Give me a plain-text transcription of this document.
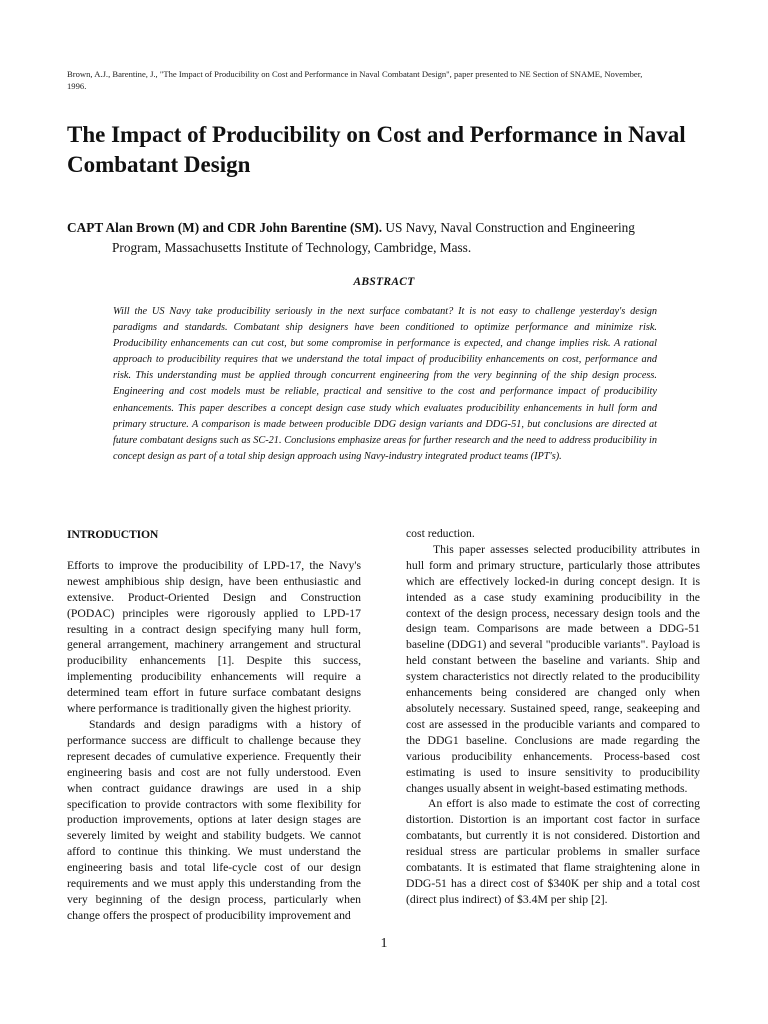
Brown, A.J., Barentine, J., "The Impact of Producibility on Cost and Performance in Naval Combatant Design", paper presented to NE Section of SNAME, November,
1996.
The Impact of Producibility on Cost and Performance in Naval Combatant Design
CAPT Alan Brown (M) and CDR John Barentine (SM). US Navy, Naval Construction and Engineering
Program, Massachusetts Institute of Technology, Cambridge, Mass.
ABSTRACT

Will the US Navy take producibility seriously in the next surface combatant? It is not easy to challenge yesterday's design paradigms and standards. Combatant ship designers have been conditioned to optimize performance and minimize risk. Producibility enhancements can cut cost, but some compromise in performance is expected, and change implies risk. A rational approach to producibility requires that we understand the total impact of producibility enhancements on cost, performance and risk. This understanding must be applied through concurrent engineering from the very beginning of the ship design process. Engineering and cost models must be reliable, practical and sensitive to the cost and performance impact of producibility enhancements. This paper describes a concept design case study which evaluates producibility enhancements in hull form and primary structure. A comparison is made between producible DDG design variants and DDG-51, but conclusions are directed at future combatant designs such as SC-21. Conclusions emphasize areas for further research and the need to address producibility in concept design as part of a total ship design approach using Navy-industry integrated product teams (IPT's).

INTRODUCTION

Efforts to improve the producibility of LPD-17, the Navy's newest amphibious ship design, have been enthusiastic and extensive. Product-Oriented Design and Construction (PODAC) principles were rigorously applied to LPD-17 resulting in a contract design specifying many hull form, general arrangement, machinery arrangement and structural producibility enhancements [1]. Despite this success, implementing producibility enhancements will require a determined team effort in future surface combatant designs where performance is traditionally given the highest priority.

Standards and design paradigms with a history of performance success are difficult to challenge because they represent decades of cumulative experience. Frequently their engineering basis and cost are not fully understood. Even when contract guidance drawings are used in a ship specification to provide contractors with some flexibility for production improvements, options at later design stages are severely limited by weight and stability budgets. We cannot afford to continue this thinking. We must understand the engineering basis and total life-cycle cost of our design requirements and we must apply this understanding from the very beginning of the design process, particularly when change offers the prospect of producibility improvement and

cost reduction.

This paper assesses selected producibility attributes in hull form and primary structure, particularly those attributes which are effectively locked-in during concept design. It is intended as a case study examining producibility in the context of the design process, necessary design tools and the design team. Comparisons are made between a DDG-51 baseline (DDG1) and several "producible variants". Payload is held constant between the baseline and variants. Ship and system characteristics not directly related to the producibility enhancements being considered are changed only when absolutely necessary. Sustained speed, range, seakeeping and cost are assessed in the producible variants and compared to the DDG1 baseline. Conclusions are made regarding the various producibility enhancements. Process-based cost estimating is used to insure sensitivity to producibility changes usually absent in weight-based estimating methods.

An effort is also made to estimate the cost of correcting distortion. Distortion is an important cost factor in surface combatants, but currently it is not considered. Distortion and residual stress are particular problems in smaller surface combatants. It is estimated that flame straightening alone in DDG-51 has a direct cost of $340K per ship and a total cost (direct plus indirect) of $3.4M per ship [2].

1
